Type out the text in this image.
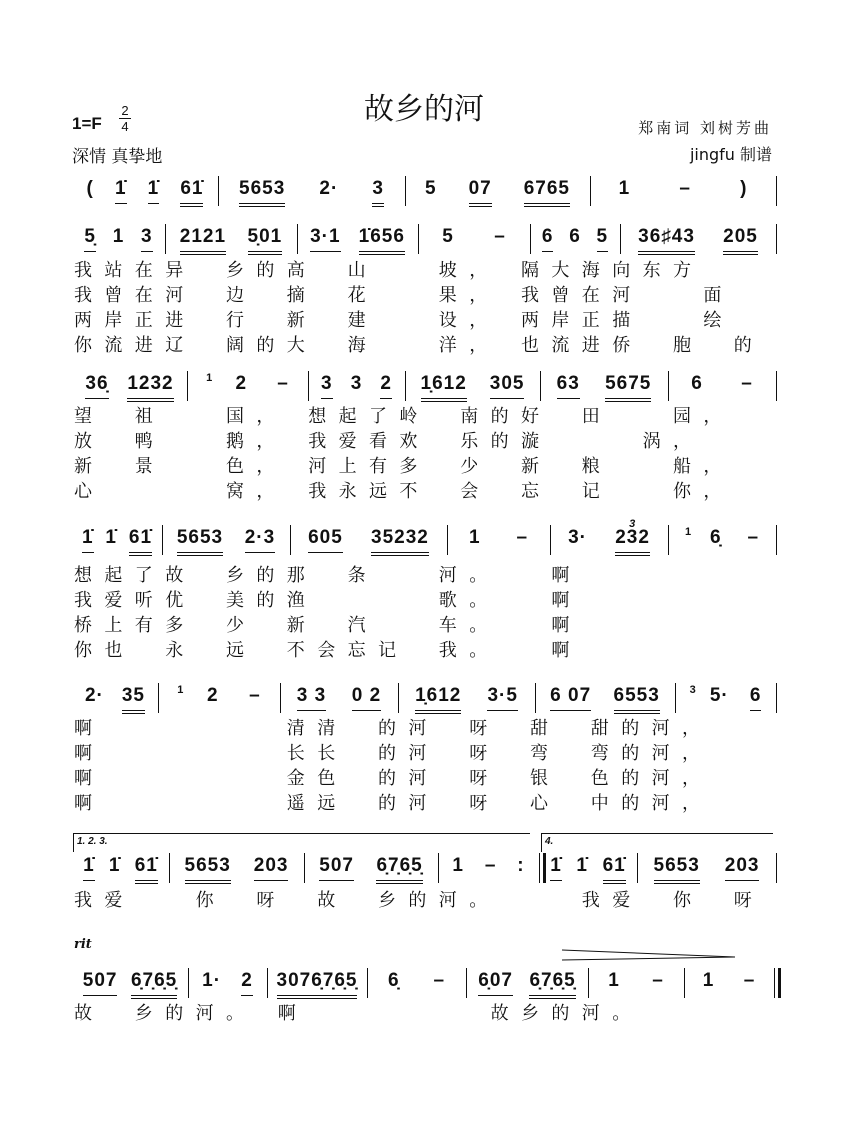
故乡的河
1=F
2
4
深情 真挚地
郑南词 刘树芳曲
jingfu 制谱
1. 2. 3.	4.
rit
( 1̇ 1̇ 61̇ 5653 2· 3 5 07 6765	1	–	)
5̣ 1 3 2121 5̣01 3·1 1̇656 5 – 6 6 5 36♯43 205
我站在异　乡的高　山　　坡，　隔大海向东方
我曾在河　边　摘　花　　果，　我曾在河　　面
两岸正进　行　新　建　　设，　两岸正描　　绘
你流进辽　阔的大　海　　洋，　也流进侨　胞　的
36̣ 1232	1 2 – 3 3 2 1̣612 305 63 5675 6 –
望　祖　　国，　想起了岭　南的好　田　　园，
放　鸭　　鹅，　我爱看欢　乐的漩　　　涡，
新　景　　色，　河上有多　少　新　粮　　船，
心　　　　窝，　我永远不　会　忘　记　　你，
1̇ 1̇ 61̇ 5653 2·3 605 35232 1 – 3· 232
3
1 6̣ –
想起了故　乡的那　条　　河。　　啊
我爱听优　美的渔　　　　歌。　　啊
桥上有多　少　新　汽　　车。　　啊
你也　永　远　不会忘记　我。　　啊
2· 35	1 2 – 3 3 0 2 1̣612 3·5 6 07 6553	3 5· 6
啊　　　　　　清清　的河　呀　甜　甜的河，
啊　　　　　　长长　的河　呀　弯　弯的河，
啊　　　　　　金色　的河　呀　银　色的河，
啊　　　　　　遥远　的河　呀　心　中的河，
1̇ 1̇ 61̇ 5653 203 507 6̣7̣6̣5̣ 1 – : 1̇ 1̇ 61̇ 5653 203
我爱　　你　呀　故　乡的河。　　　我爱　你　呀
507 6̣7̣6̣5̣ 1· 2 3076̣7̣6̣5̣ 6̣ – 6̣07 6̣7̣6̣5̣ 1 – 1 –
故　乡的河。　啊　　　　　　故乡的河。
